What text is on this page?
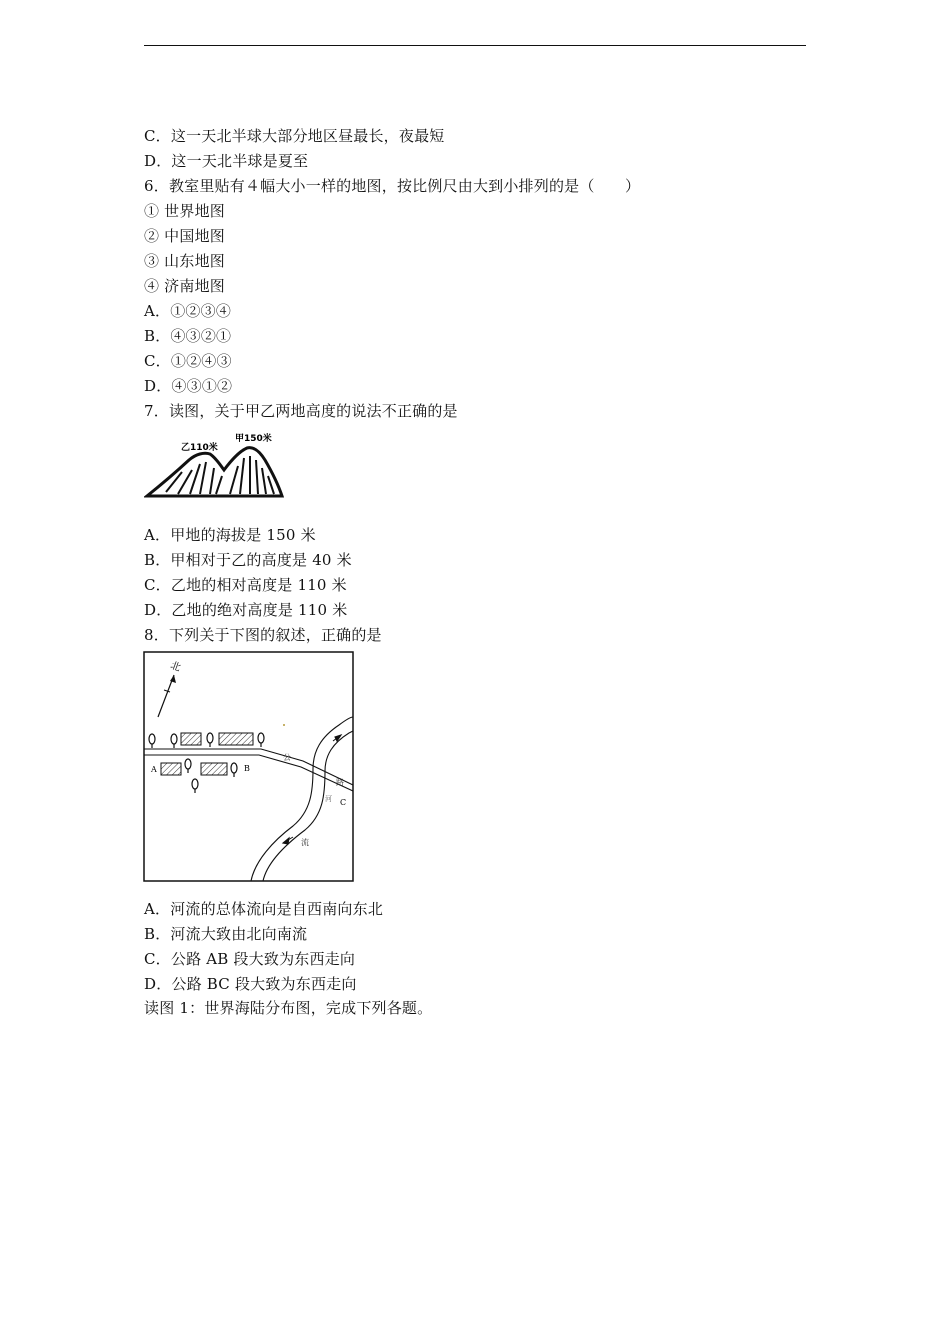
C．这一天北半球大部分地区昼最长，夜最短
D．这一天北半球是夏至
6．教室里贴有４幅大小一样的地图，按比例尺由大到小排列的是（　　）
① 世界地图
② 中国地图
③ 山东地图
④ 济南地图
A．①②③④
B．④③②①
C．①②④③
D．④③①②
7．读图，关于甲乙两地高度的说法不正确的是
乙110米
甲150米
A．甲地的海拔是 150 米
B．甲相对于乙的高度是 40 米
C．乙地的相对高度是 110 米
D．乙地的绝对高度是 110 米
8．下列关于下图的叙述，正确的是
北
A	B
C
公
路
河
流
A．河流的总体流向是自西南向东北
B．河流大致由北向南流
C．公路 AB 段大致为东西走向
D．公路 BC 段大致为东西走向
读图 1：世界海陆分布图，完成下列各题。
